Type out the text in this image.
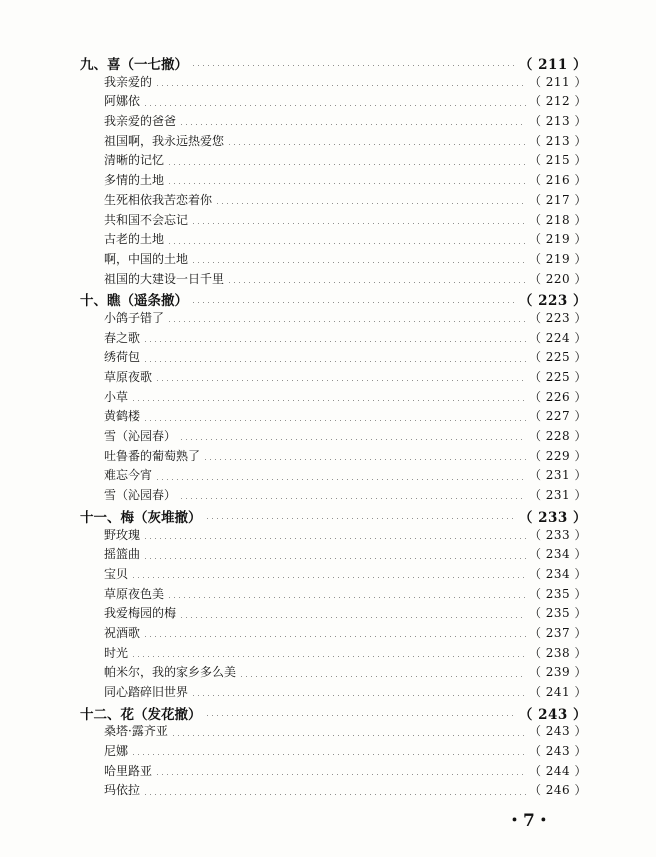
九、喜（一七撤）	（ 211 ）
我亲爱的	（ 211 ）
阿娜依	（ 212 ）
我亲爱的爸爸	（ 213 ）
祖国啊，我永远热爱您	（ 213 ）
清晰的记忆	（ 215 ）
多情的土地	（ 216 ）
生死相依我苦恋着你	（ 217 ）
共和国不会忘记	（ 218 ）
古老的土地	（ 219 ）
啊，中国的土地	（ 219 ）
祖国的大建设一日千里	（ 220 ）
十、瞧（遥条撤）	（ 223 ）
小鸽子错了	（ 223 ）
春之歌	（ 224 ）
绣荷包	（ 225 ）
草原夜歌	（ 225 ）
小草	（ 226 ）
黄鹤楼	（ 227 ）
雪（沁园春）	（ 228 ）
吐鲁番的葡萄熟了	（ 229 ）
难忘今宵	（ 231 ）
雪（沁园春）	（ 231 ）
十一、梅（灰堆撤）	（ 233 ）
野玫瑰	（ 233 ）
摇篮曲	（ 234 ）
宝贝	（ 234 ）
草原夜色美	（ 235 ）
我爱梅园的梅	（ 235 ）
祝酒歌	（ 237 ）
时光	（ 238 ）
帕米尔，我的家乡多么美	（ 239 ）
同心踏碎旧世界	（ 241 ）
十二、花（发花撤）	（ 243 ）
桑塔·露齐亚	（ 243 ）
尼娜	（ 243 ）
哈里路亚	（ 244 ）
玛依拉	（ 246 ）
・7・
